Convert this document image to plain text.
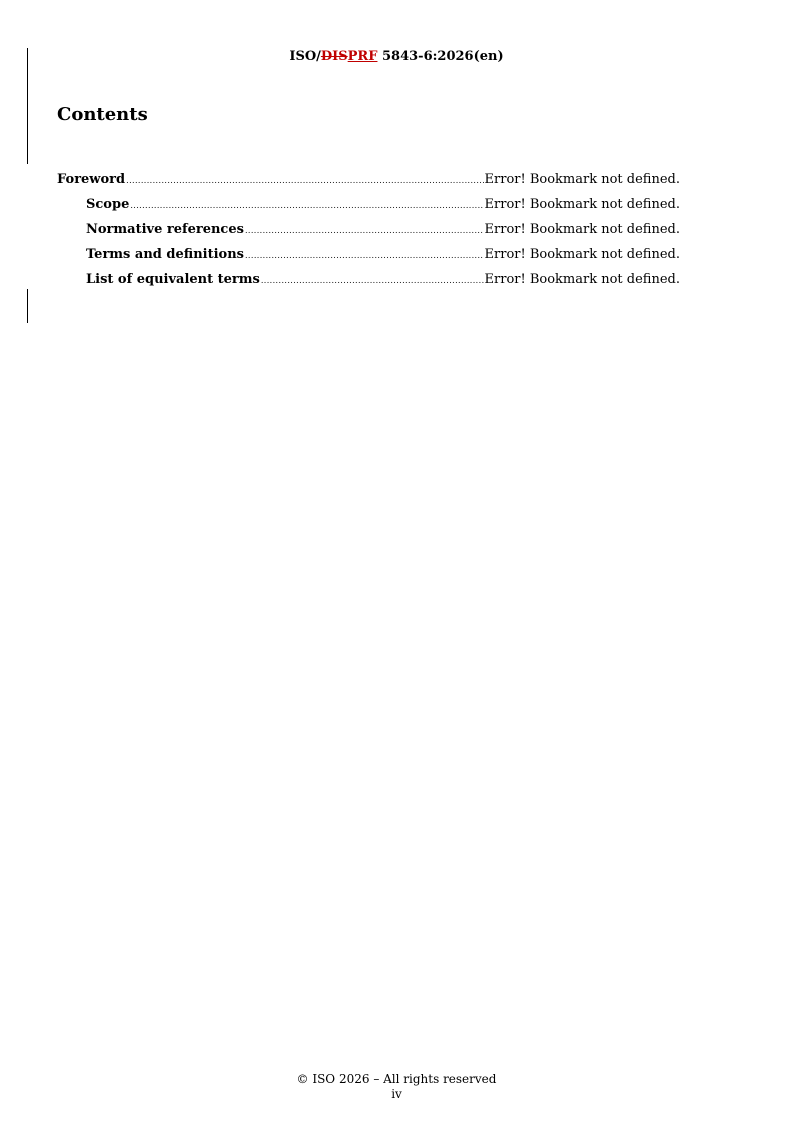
ISO/DISPRF 5843-6:2026(en)
Contents
Foreword .....	Error! Bookmark not defined.
Scope .....	Error! Bookmark not defined.
Normative references .....	Error! Bookmark not defined.
Terms and definitions .....	Error! Bookmark not defined.
List of equivalent terms .....	Error! Bookmark not defined.
© ISO 2026 – All rights reserved
iv
